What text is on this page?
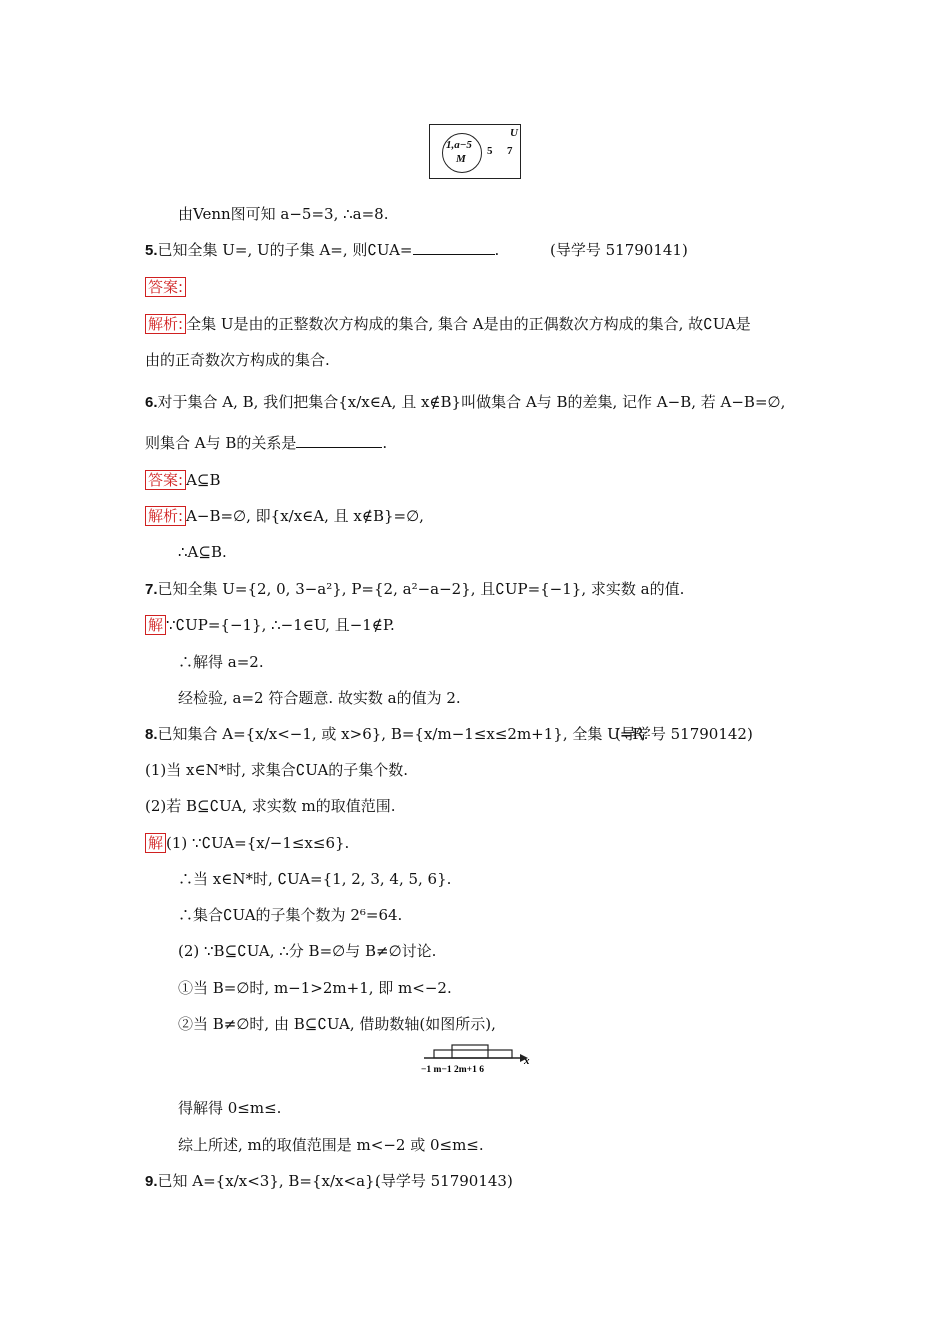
U
1,a−5
M
5 7
由Venn图可知 a−5=3, ∴a=8.
5.已知全集 U=, U的子集 A=, 则∁UA=	.	(导学号 51790141)
答案:
解析: 全集 U是由的正整数次方构成的集合, 集合 A是由的正偶数次方构成的集合, 故∁UA是
由的正奇数次方构成的集合.
6.对于集合 A, B, 我们把集合{x/x∈A, 且 x∉B}叫做集合 A与 B的差集, 记作 A−B, 若 A−B=∅,
则集合 A与 B的关系是	.
答案: A⊆B
解析: A−B=∅, 即{x/x∈A, 且 x∉B}=∅,
∴A⊆B.
7.已知全集 U={2, 0, 3−a²}, P={2, a²−a−2}, 且∁UP={−1}, 求实数 a的值.
解 ∵∁UP={−1}, ∴−1∈U, 且−1∉P.
∴解得 a=2.
经检验, a=2 符合题意. 故实数 a的值为 2.
8.已知集合 A={x/x<−1, 或 x>6}, B={x/m−1≤x≤2m+1}, 全集 U=R.
(导学号 51790142)
(1)当 x∈N*时, 求集合∁UA的子集个数.
(2)若 B⊆∁UA, 求实数 m的取值范围.
解 (1) ∵∁UA={x/−1≤x≤6}.
∴当 x∈N*时, ∁UA={1, 2, 3, 4, 5, 6}.
∴集合∁UA的子集个数为 2⁶=64.
(2) ∵B⊆∁UA, ∴分 B=∅与 B≠∅讨论.
①当 B=∅时, m−1>2m+1, 即 m<−2.
②当 B≠∅时, 由 B⊆∁UA, 借助数轴(如图所示),
−1 m−1 2m+1 6
x
得解得 0≤m≤.
综上所述, m的取值范围是 m<−2 或 0≤m≤.
9.已知 A={x/x<3}, B={x/x<a}.
(导学号 51790143)
